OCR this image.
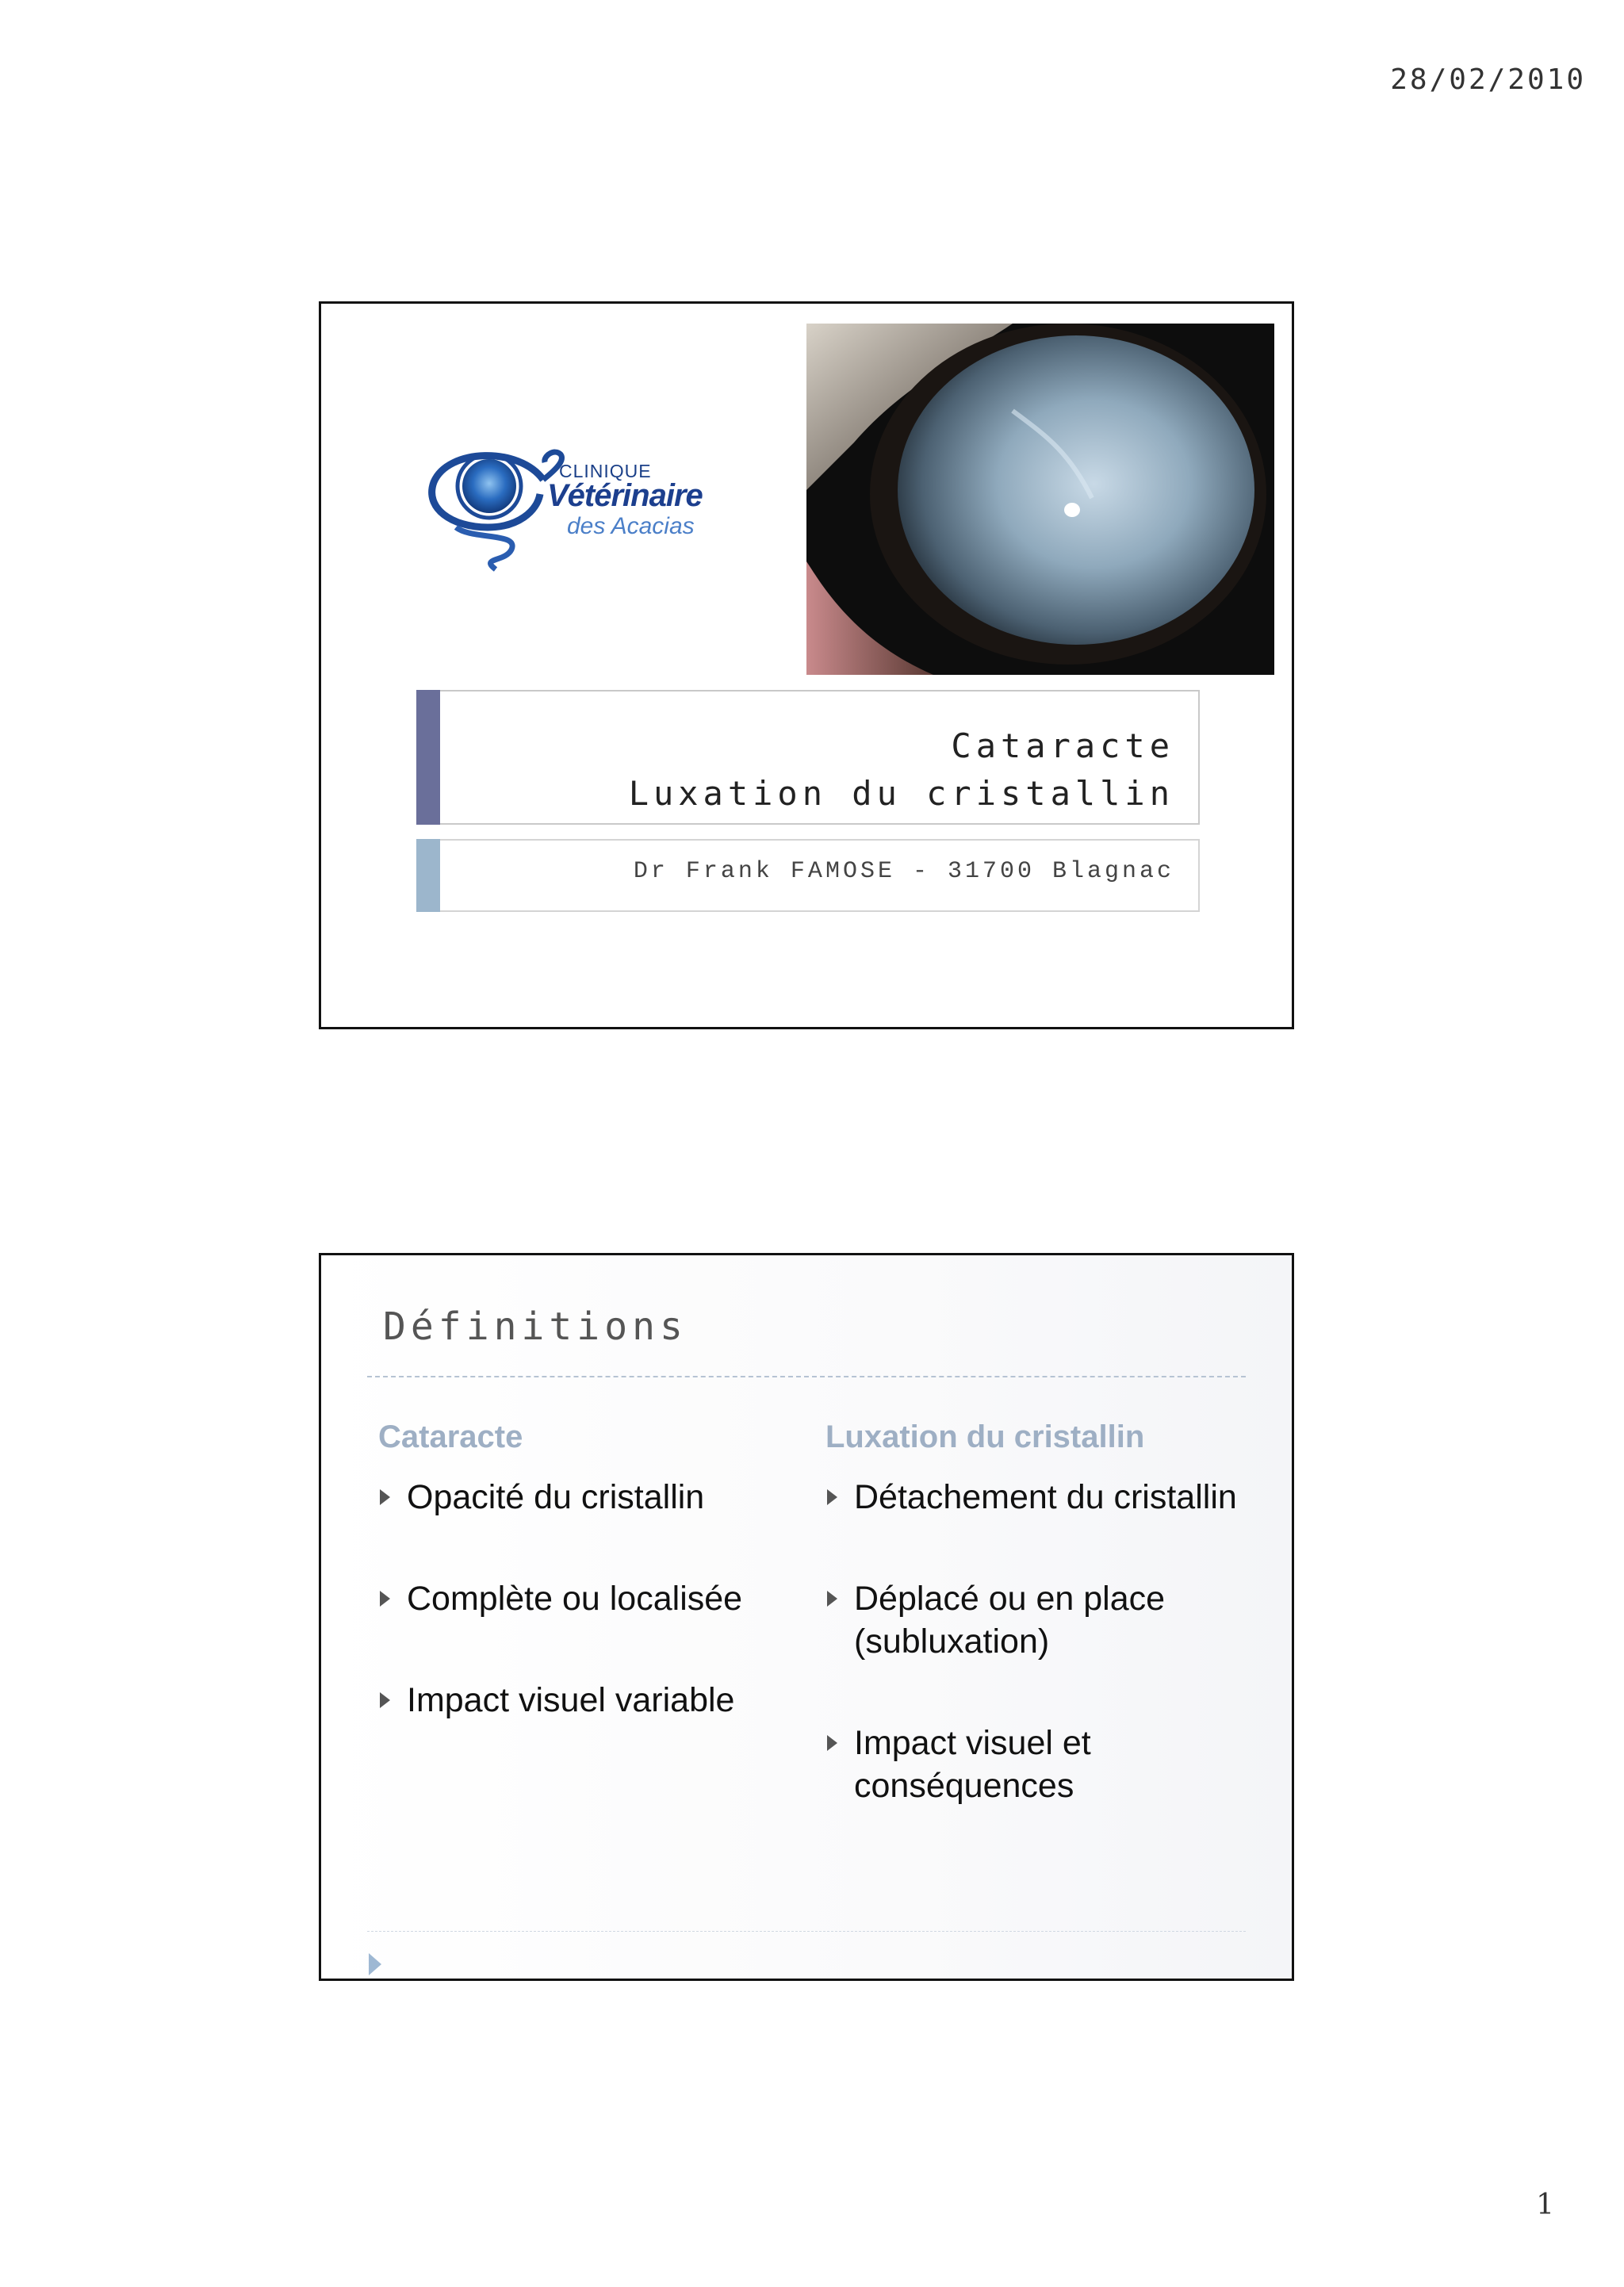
28/02/2010
CLINIQUE
Vétérinaire
des Acacias
Cataracte
Luxation du cristallin
Dr Frank FAMOSE - 31700 Blagnac
Définitions
Cataracte
Opacité du cristallin
Complète ou localisée
Impact visuel variable
Luxation du cristallin
Détachement du cristallin
Déplacé ou en place (subluxation)
Impact visuel et conséquences
1
